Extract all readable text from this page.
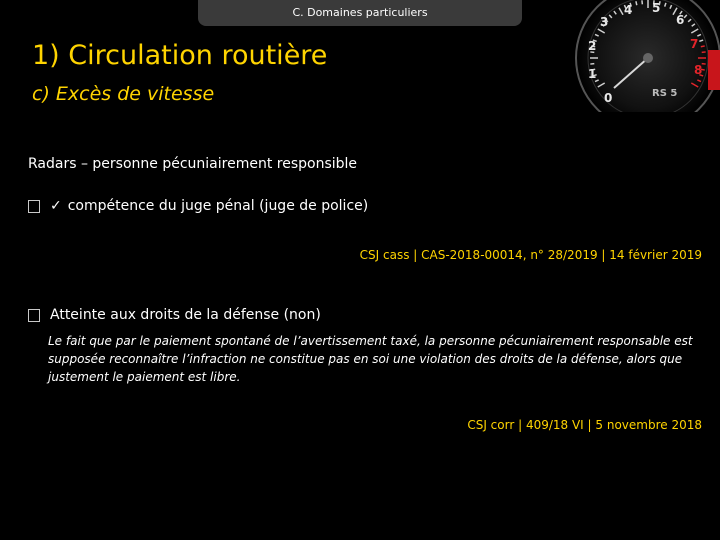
C. Domaines particuliers
1) Circulation routière
c) Excès de vitesse	0
1
2
3
4 5
6
7
8
RS 5
Radars – personne pécuniairement responsible
✓ compétence du juge pénal (juge de police)
CSJ cass | CAS-2018-00014, n° 28/2019 | 14 février 2019
Atteinte aux droits de la défense (non)
Le fait que par le paiement spontané de l’avertissement taxé, la personne pécuniairement responsable est supposée reconnaître l’infraction ne constitue pas en soi une violation des droits de la défense, alors que justement le paiement est libre.
CSJ corr | 409/18 VI | 5 novembre 2018
